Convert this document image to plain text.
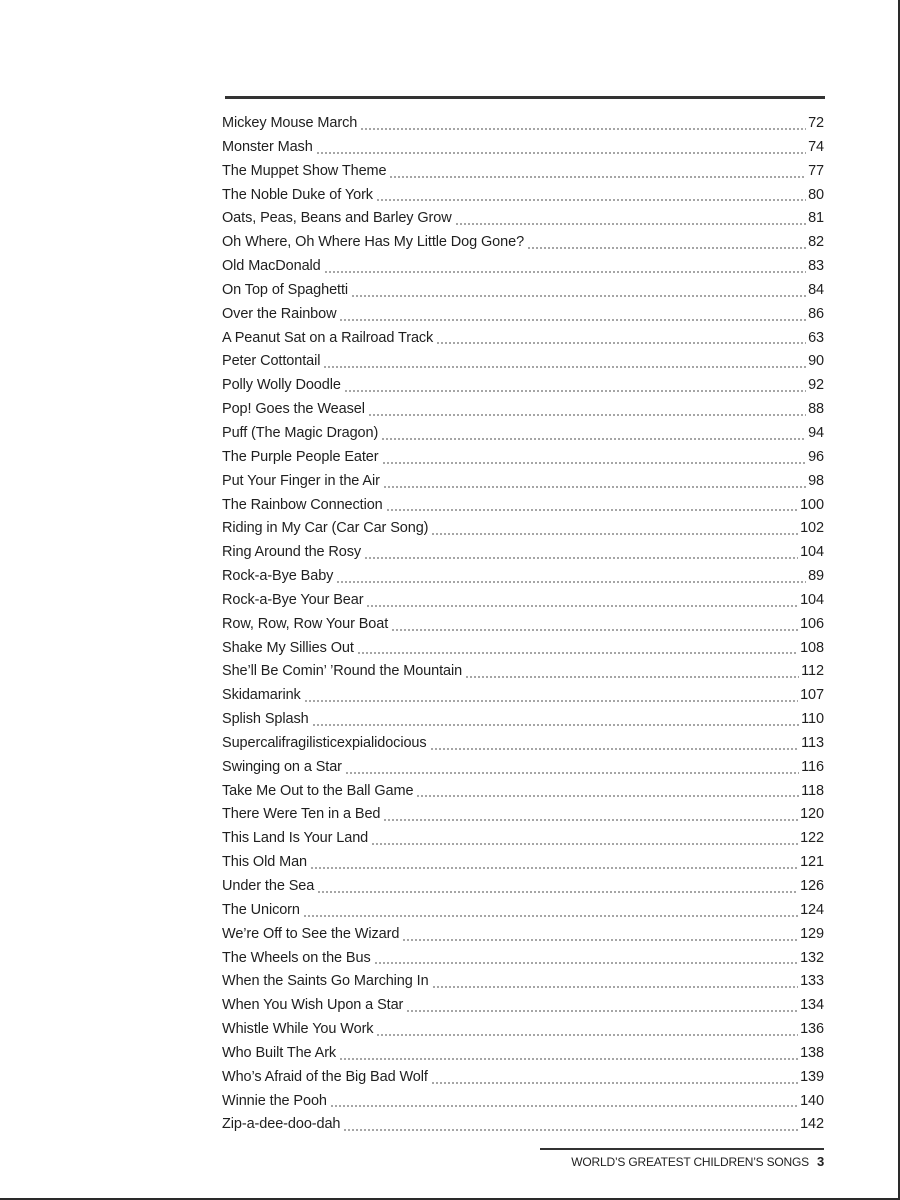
Mickey Mouse March	72
Monster Mash	74
The Muppet Show Theme	77
The Noble Duke of York	80
Oats, Peas, Beans and Barley Grow	81
Oh Where, Oh Where Has My Little Dog Gone?	82
Old MacDonald	83
On Top of Spaghetti	84
Over the Rainbow	86
A Peanut Sat on a Railroad Track	63
Peter Cottontail	90
Polly Wolly Doodle	92
Pop! Goes the Weasel	88
Puff (The Magic Dragon)	94
The Purple People Eater	96
Put Your Finger in the Air	98
The Rainbow Connection	100
Riding in My Car (Car Car Song)	102
Ring Around the Rosy	104
Rock-a-Bye Baby	89
Rock-a-Bye Your Bear	104
Row, Row, Row Your Boat	106
Shake My Sillies Out	108
She’ll Be Comin’ ’Round the Mountain	112
Skidamarink	107
Splish Splash	110
Supercalifragilisticexpialidocious	113
Swinging on a Star	116
Take Me Out to the Ball Game	118
There Were Ten in a Bed	120
This Land Is Your Land	122
This Old Man	121
Under the Sea	126
The Unicorn	124
We’re Off to See the Wizard	129
The Wheels on the Bus	132
When the Saints Go Marching In	133
When You Wish Upon a Star	134
Whistle While You Work	136
Who Built The Ark	138
Who’s Afraid of the Big Bad Wolf	139
Winnie the Pooh	140
Zip-a-dee-doo-dah	142
WORLD’S GREATEST CHILDREN’S SONGS 3
